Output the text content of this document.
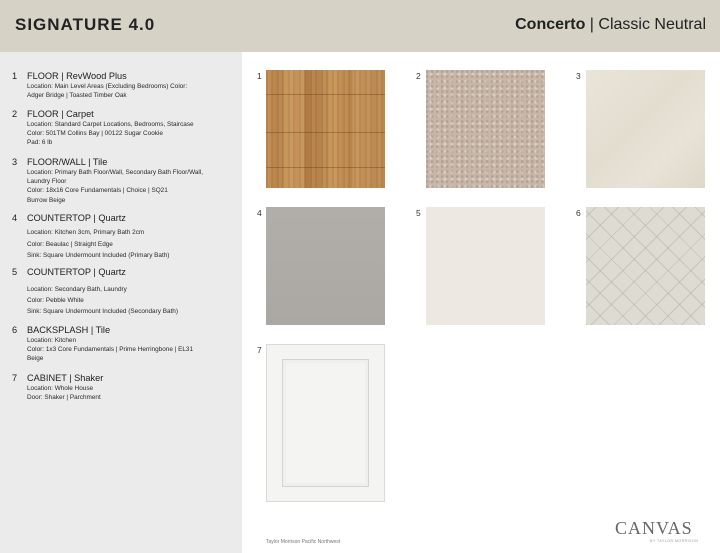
SIGNATURE 4.0	Concerto | Classic Neutral
1	FLOOR | RevWood Plus
Location: Main Level Areas (Excluding Bedrooms) Color:
Adger Bridge | Toasted Timber Oak
2	FLOOR | Carpet
Location: Standard Carpet Locations, Bedrooms, Staircase
Color: 501TM Collins Bay | 00122 Sugar Cookie
Pad: 6 lb
3	FLOOR/WALL | Tile
Location: Primary Bath Floor/Wall, Secondary Bath Floor/Wall,
Laundry Floor
Color: 18x16 Core Fundamentals | Choice | SQ21
Burrow Beige
4	COUNTERTOP | Quartz
Location: Kitchen 3cm, Primary Bath 2cm
Color: Beaulac | Straight Edge
Sink: Square Undermount Included (Primary Bath)
5	COUNTERTOP | Quartz
Location: Secondary Bath, Laundry
Color: Pebble White
Sink: Square Undermount Included (Secondary Bath)
6	BACKSPLASH | Tile
Location: Kitchen
Color: 1x3 Core Fundamentals | Prime Herringbone | EL31
Beige
7	CABINET | Shaker
Location: Whole House
Door: Shaker | Parchment
1	2	3
4	5	6
7
Taylor Morrison Pacific Northwest
CANVAS
BY TAYLOR MORRISON
